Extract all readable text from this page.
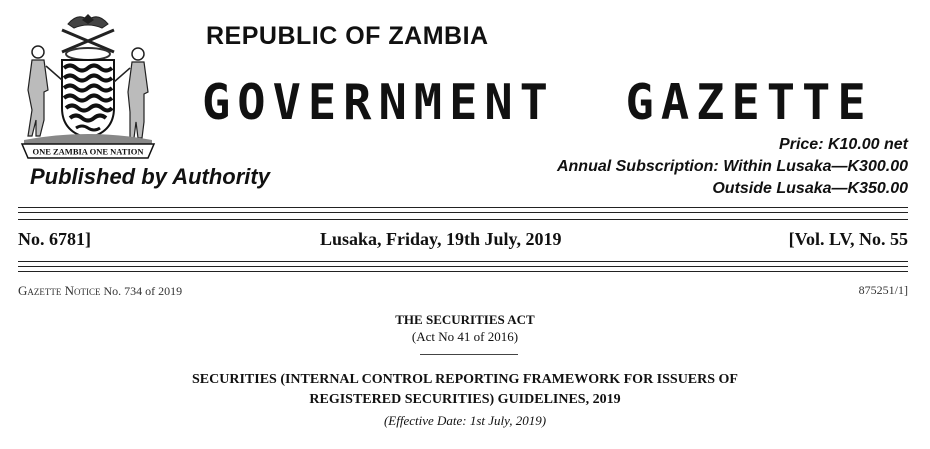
ONE ZAMBIA ONE NATION
REPUBLIC OF ZAMBIA
GOVERNMENT  GAZETTE
Published by Authority
Price: K10.00 net
Annual Subscription: Within Lusaka—K300.00
Outside Lusaka—K350.00
No. 6781]	Lusaka, Friday, 19th July, 2019	[Vol. LV, No. 55
Gazette Notice No. 734 of 2019	875251/1]
THE SECURITIES ACT
(Act No 41 of 2016)
SECURITIES (INTERNAL CONTROL REPORTING FRAMEWORK FOR ISSUERS OF
REGISTERED SECURITIES) GUIDELINES, 2019
(Effective Date: 1st July, 2019)
